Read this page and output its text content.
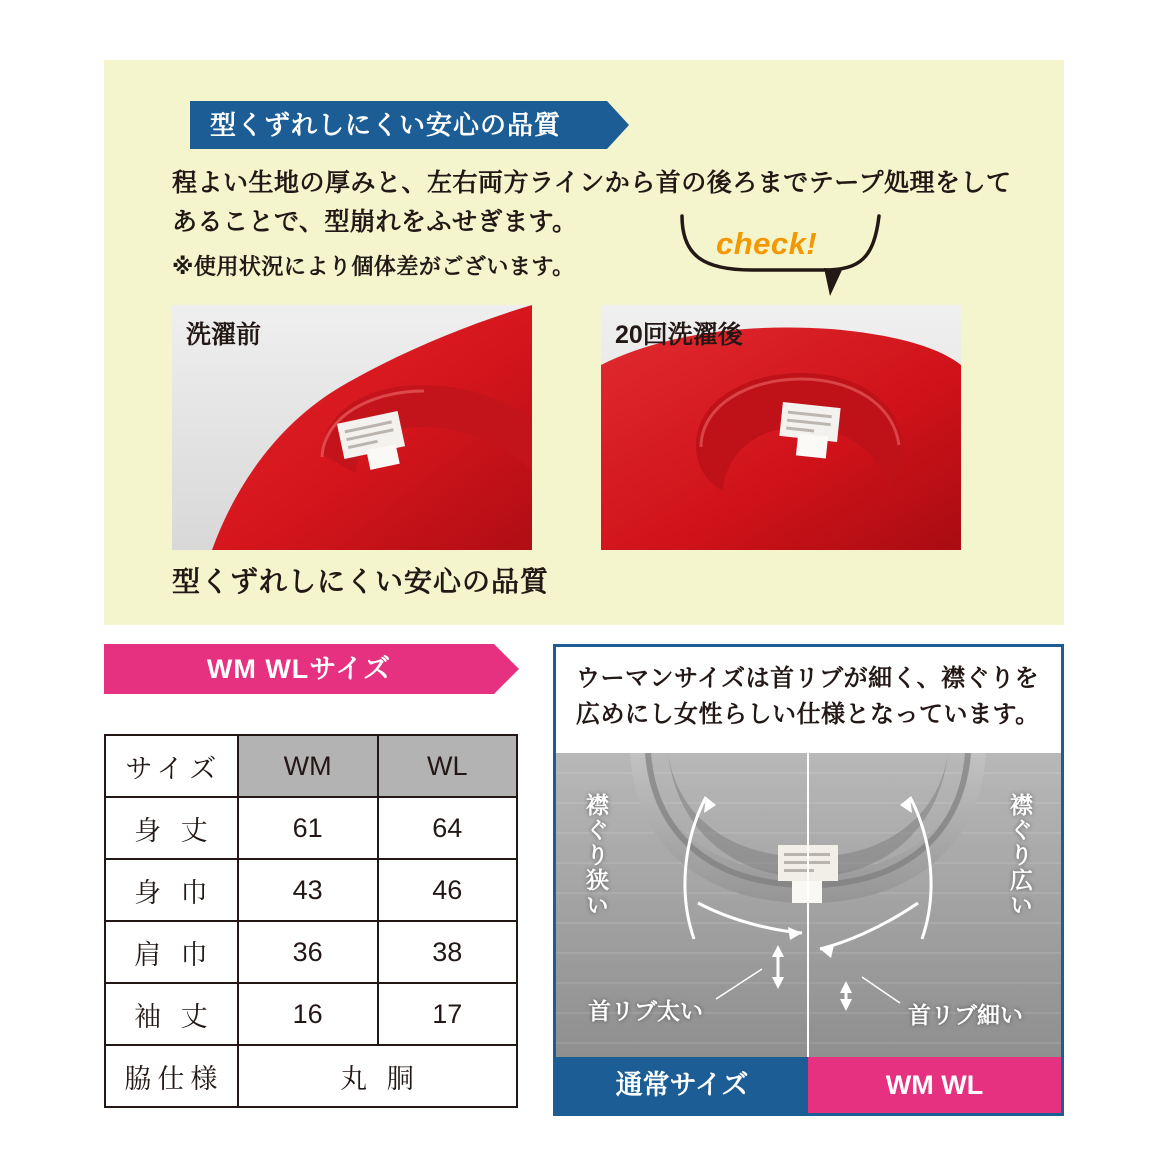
型くずれしにくい安心の品質
程よい生地の厚みと、左右両方ラインから首の後ろまでテープ処理をしてあることで、型崩れをふせぎます。
※使用状況により個体差がございます。
check!
洗濯前	20回洗濯後
型くずれしにくい安心の品質
WM WLサイズ
サイズ	WM	WL
身 丈	61	64
身 巾	43	46
肩 巾	36	38
袖 丈	16	17
脇仕様	丸 胴	
ウーマンサイズは首リブが細く、襟ぐりを広めにし女性らしい仕様となっています。
襟ぐり狭い	襟ぐり広い
首リブ太い	首リブ細い
通常サイズ	WM WL
